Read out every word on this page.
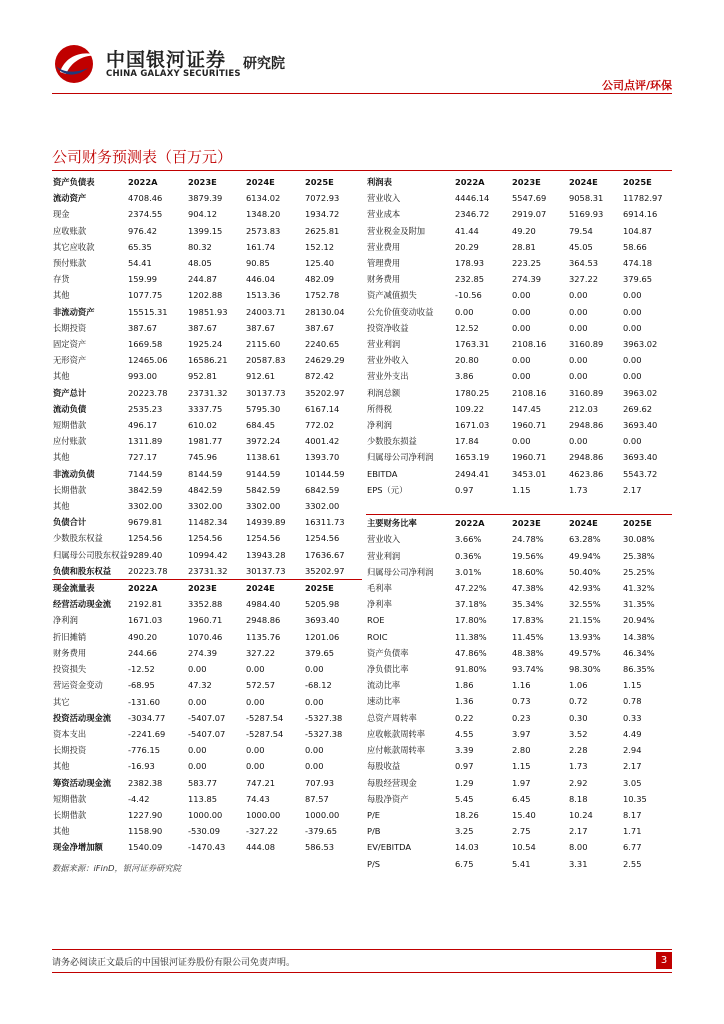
中国银河证券 研究院
CHINA GALAXY SECURITIES
公司点评/环保
公司财务预测表（百万元）
资产负债表	2022A	2023E	2024E	2025E
流动资产	4708.46	3879.39	6134.02	7072.93
现金	2374.55	904.12	1348.20	1934.72
应收账款	976.42	1399.15	2573.83	2625.81
其它应收款	65.35	80.32	161.74	152.12
预付账款	54.41	48.05	90.85	125.40
存货	159.99	244.87	446.04	482.09
其他	1077.75	1202.88	1513.36	1752.78
非流动资产	15515.31	19851.93	24003.71	28130.04
长期投资	387.67	387.67	387.67	387.67
固定资产	1669.58	1925.24	2115.60	2240.65
无形资产	12465.06	16586.21	20587.83	24629.29
其他	993.00	952.81	912.61	872.42
资产总计	20223.78	23731.32	30137.73	35202.97
流动负债	2535.23	3337.75	5795.30	6167.14
短期借款	496.17	610.02	684.45	772.02
应付账款	1311.89	1981.77	3972.24	4001.42
其他	727.17	745.96	1138.61	1393.70
非流动负债	7144.59	8144.59	9144.59	10144.59
长期借款	3842.59	4842.59	5842.59	6842.59
其他	3302.00	3302.00	3302.00	3302.00
负债合计	9679.81	11482.34	14939.89	16311.73
少数股东权益	1254.56	1254.56	1254.56	1254.56
归属母公司股东权益	9289.40	10994.42	13943.28	17636.67
负债和股东权益	20223.78	23731.32	30137.73	35202.97
现金流量表	2022A	2023E	2024E	2025E
经营活动现金流	2192.81	3352.88	4984.40	5205.98
净利润	1671.03	1960.71	2948.86	3693.40
折旧摊销	490.20	1070.46	1135.76	1201.06
财务费用	244.66	274.39	327.22	379.65
投资损失	-12.52	0.00	0.00	0.00
营运资金变动	-68.95	47.32	572.57	-68.12
其它	-131.60	0.00	0.00	0.00
投资活动现金流	-3034.77	-5407.07	-5287.54	-5327.38
资本支出	-2241.69	-5407.07	-5287.54	-5327.38
长期投资	-776.15	0.00	0.00	0.00
其他	-16.93	0.00	0.00	0.00
筹资活动现金流	2382.38	583.77	747.21	707.93
短期借款	-4.42	113.85	74.43	87.57
长期借款	1227.90	1000.00	1000.00	1000.00
其他	1158.90	-530.09	-327.22	-379.65
现金净增加额	1540.09	-1470.43	444.08	586.53
利润表	2022A	2023E	2024E	2025E
营业收入	4446.14	5547.69	9058.31	11782.97
营业成本	2346.72	2919.07	5169.93	6914.16
营业税金及附加	41.44	49.20	79.54	104.87
营业费用	20.29	28.81	45.05	58.66
管理费用	178.93	223.25	364.53	474.18
财务费用	232.85	274.39	327.22	379.65
资产减值损失	-10.56	0.00	0.00	0.00
公允价值变动收益	0.00	0.00	0.00	0.00
投资净收益	12.52	0.00	0.00	0.00
营业利润	1763.31	2108.16	3160.89	3963.02
营业外收入	20.80	0.00	0.00	0.00
营业外支出	3.86	0.00	0.00	0.00
利润总额	1780.25	2108.16	3160.89	3963.02
所得税	109.22	147.45	212.03	269.62
净利润	1671.03	1960.71	2948.86	3693.40
少数股东损益	17.84	0.00	0.00	0.00
归属母公司净利润	1653.19	1960.71	2948.86	3693.40
EBITDA	2494.41	3453.01	4623.86	5543.72
EPS（元）	0.97	1.15	1.73	2.17

主要财务比率	2022A	2023E	2024E	2025E
营业收入	3.66%	24.78%	63.28%	30.08%
营业利润	0.36%	19.56%	49.94%	25.38%
归属母公司净利润	3.01%	18.60%	50.40%	25.25%
毛利率	47.22%	47.38%	42.93%	41.32%
净利率	37.18%	35.34%	32.55%	31.35%
ROE	17.80%	17.83%	21.15%	20.94%
ROIC	11.38%	11.45%	13.93%	14.38%
资产负债率	47.86%	48.38%	49.57%	46.34%
净负债比率	91.80%	93.74%	98.30%	86.35%
流动比率	1.86	1.16	1.06	1.15
速动比率	1.36	0.73	0.72	0.78
总资产周转率	0.22	0.23	0.30	0.33
应收帐款周转率	4.55	3.97	3.52	4.49
应付帐款周转率	3.39	2.80	2.28	2.94
每股收益	0.97	1.15	1.73	2.17
每股经营现金	1.29	1.97	2.92	3.05
每股净资产	5.45	6.45	8.18	10.35
P/E	18.26	15.40	10.24	8.17
P/B	3.25	2.75	2.17	1.71
EV/EBITDA	14.03	10.54	8.00	6.77
P/S	6.75	5.41	3.31	2.55
数据来源：iFinD，银河证券研究院
请务必阅读正文最后的中国银河证券股份有限公司免责声明。	3
